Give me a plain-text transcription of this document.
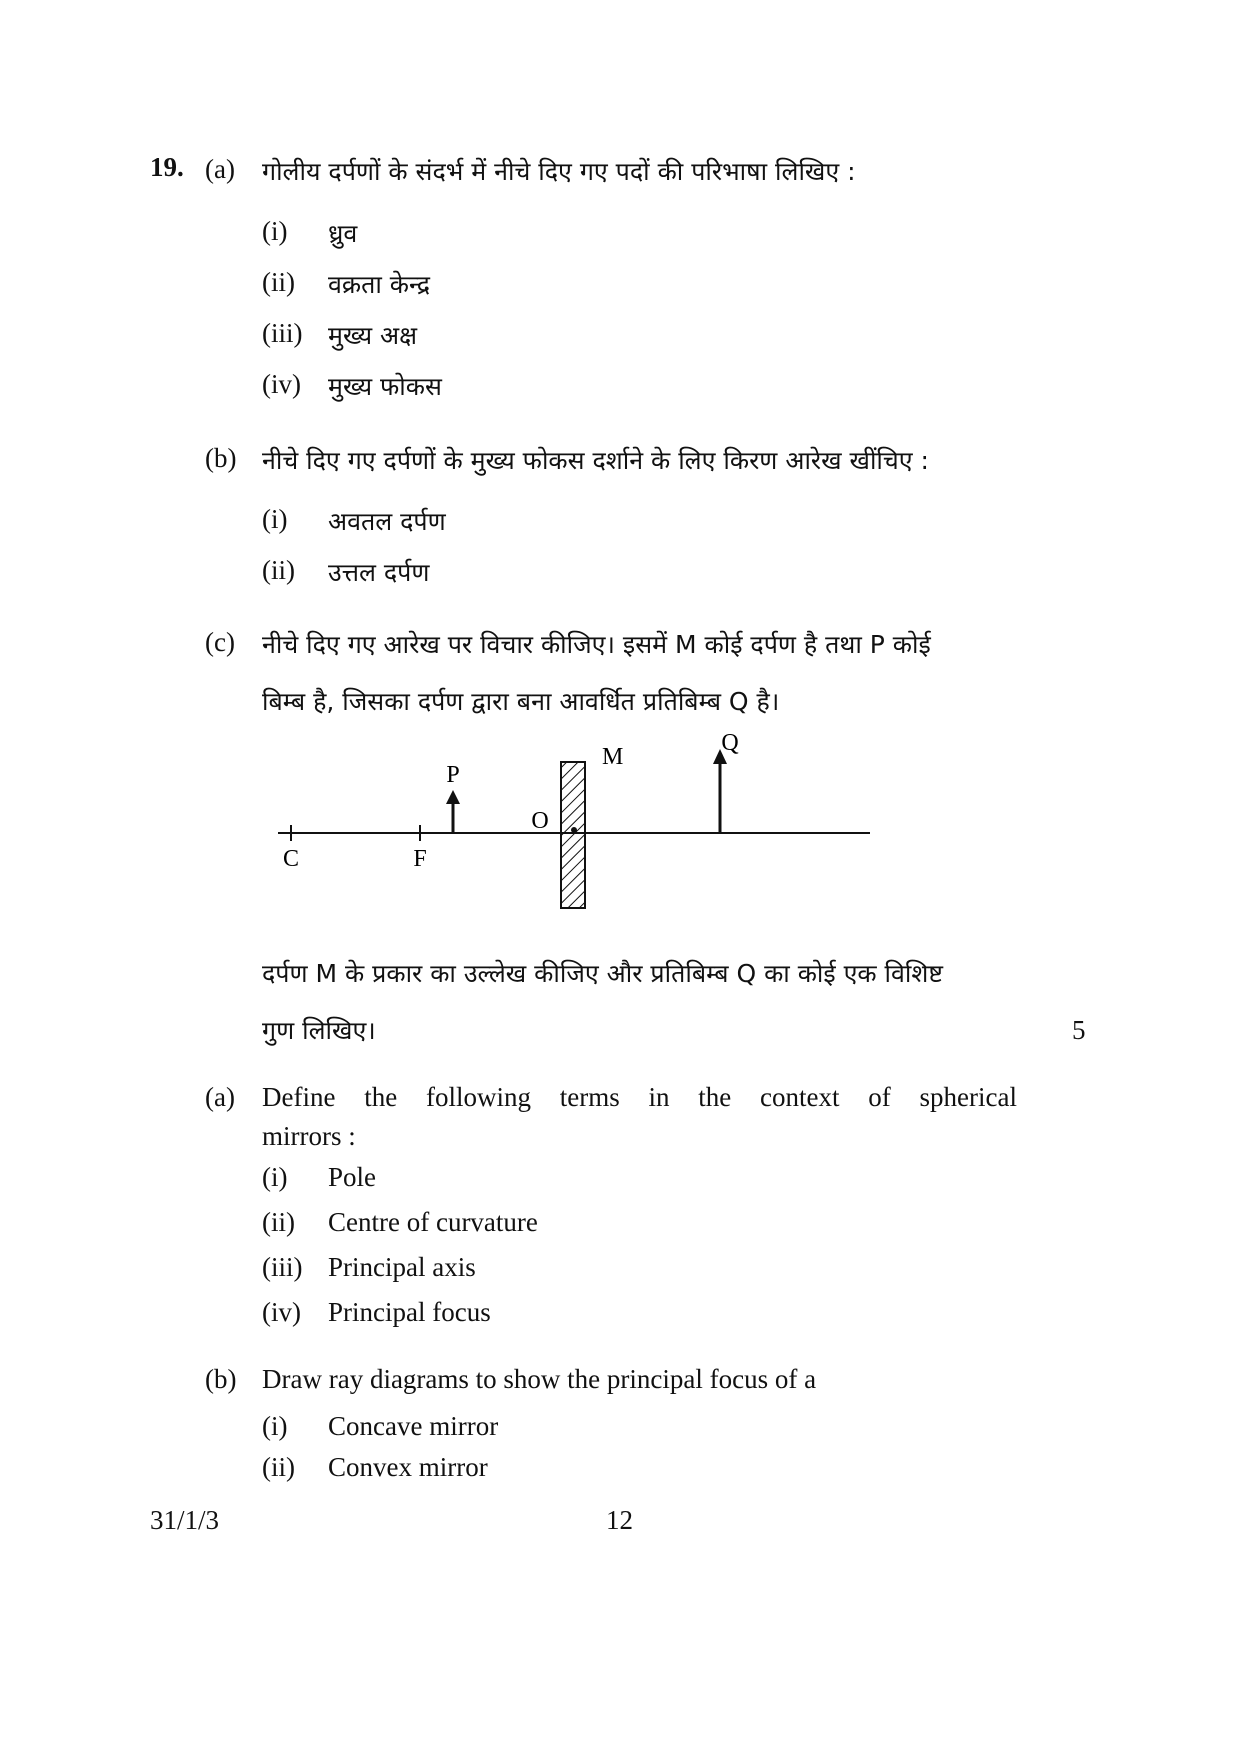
19. (a) गोलीय दर्पणों के संदर्भ में नीचे दिए गए पदों की परिभाषा लिखिए :
(i) ध्रुव
(ii) वक्रता केन्द्र
(iii) मुख्य अक्ष
(iv) मुख्य फोकस
(b) नीचे दिए गए दर्पणों के मुख्य फोकस दर्शाने के लिए किरण आरेख खींचिए :
(i) अवतल दर्पण
(ii) उत्तल दर्पण
(c) नीचे दिए गए आरेख पर विचार कीजिए। इसमें M कोई दर्पण है तथा P कोई
बिम्ब है, जिसका दर्पण द्वारा बना आवर्धित प्रतिबिम्ब Q है।
C	F
P
O
M
Q
दर्पण M के प्रकार का उल्लेख कीजिए और प्रतिबिम्ब Q का कोई एक विशिष्ट
गुण लिखिए।	5
(a) Define the following terms in the context of spherical
mirrors :
(i) Pole
(ii) Centre of curvature
(iii) Principal axis
(iv) Principal focus
(b) Draw ray diagrams to show the principal focus of a
(i) Concave mirror
(ii) Convex mirror
31/1/3	12
